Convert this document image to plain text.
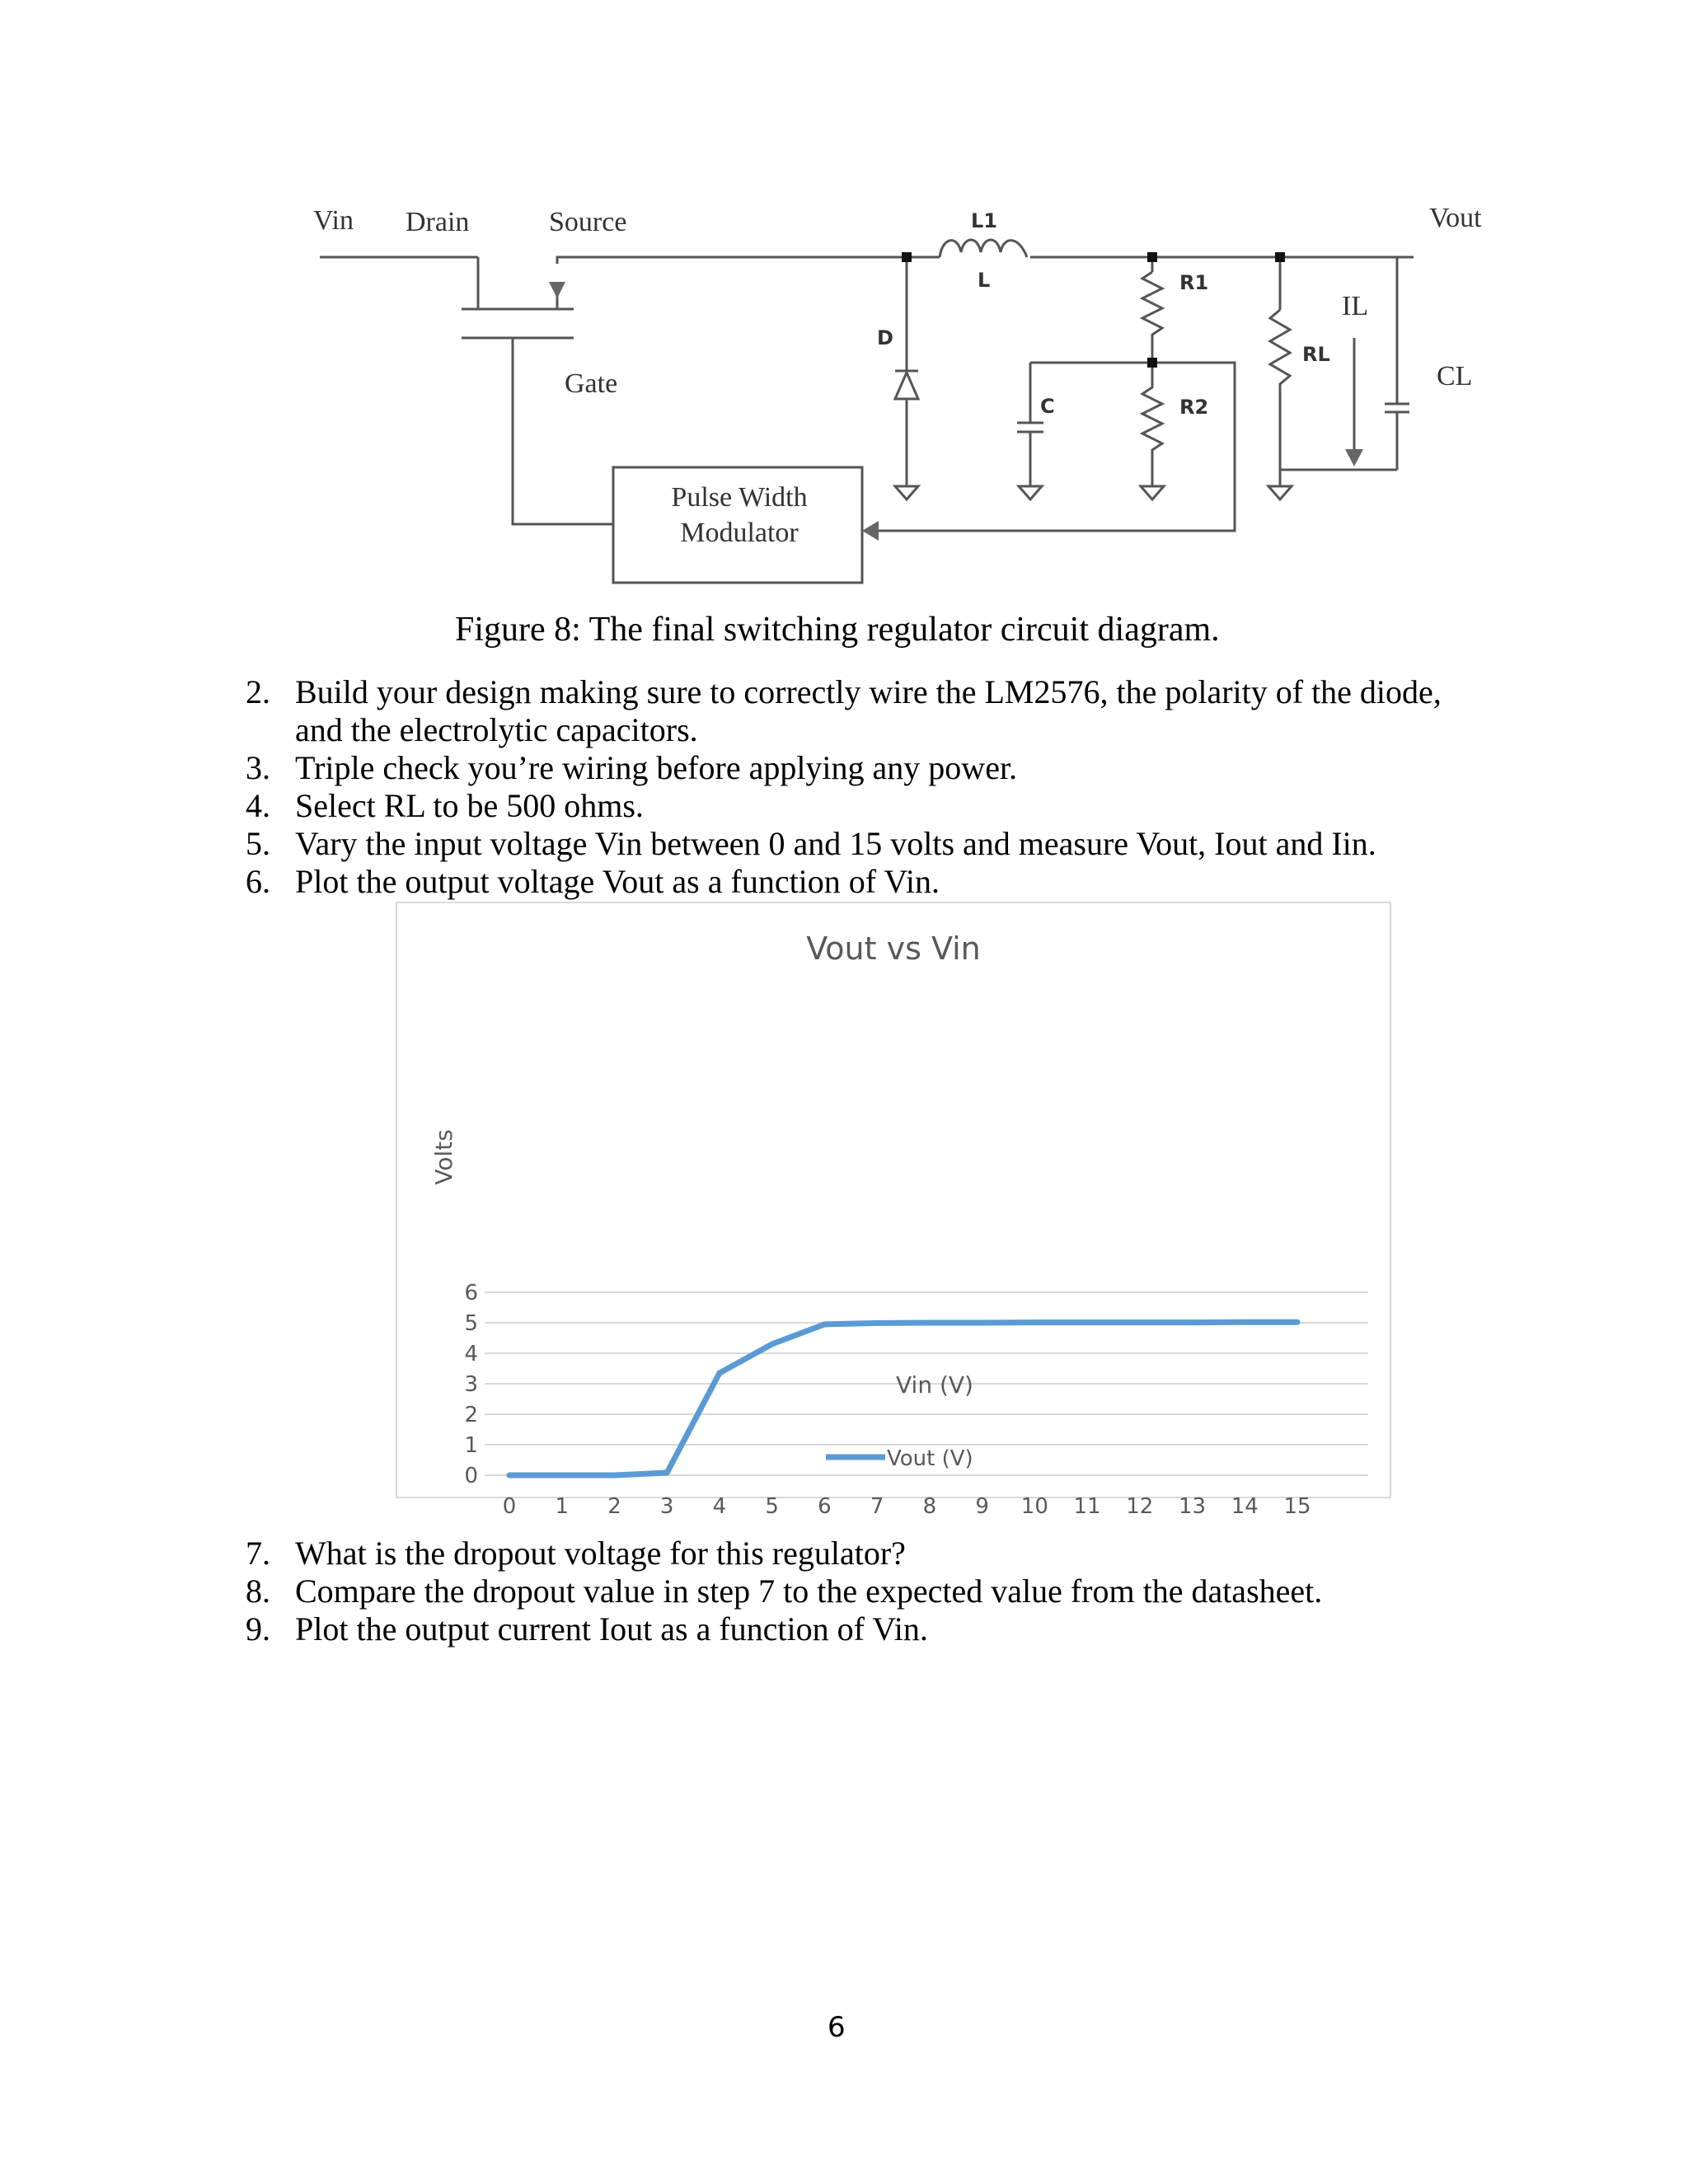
Vin Drain	Source
Gate
Pulse Width
Modulator
IL
CL
Vout
D
L1
L
C
R1
R2
RL
Figure 8: The final switching regulator circuit diagram.
2. Build your design making sure to correctly wire the LM2576, the polarity of the diode, and the electrolytic capacitors.
3. Triple check you’re wiring before applying any power.
4. Select RL to be 500 ohms.
5. Vary the input voltage Vin between 0 and 15 volts and measure Vout, Iout and Iin.
6. Plot the output voltage Vout as a function of Vin.
Vout vs Vin
0
1
2
3
4
5
6
0 1 2 3 4 5 6 7 8 9 10 11 12 13 14 15
Volts
Vin (V)
Vout (V)
7. What is the dropout voltage for this regulator?
8. Compare the dropout value in step 7 to the expected value from the datasheet.
9. Plot the output current Iout as a function of Vin.
6
